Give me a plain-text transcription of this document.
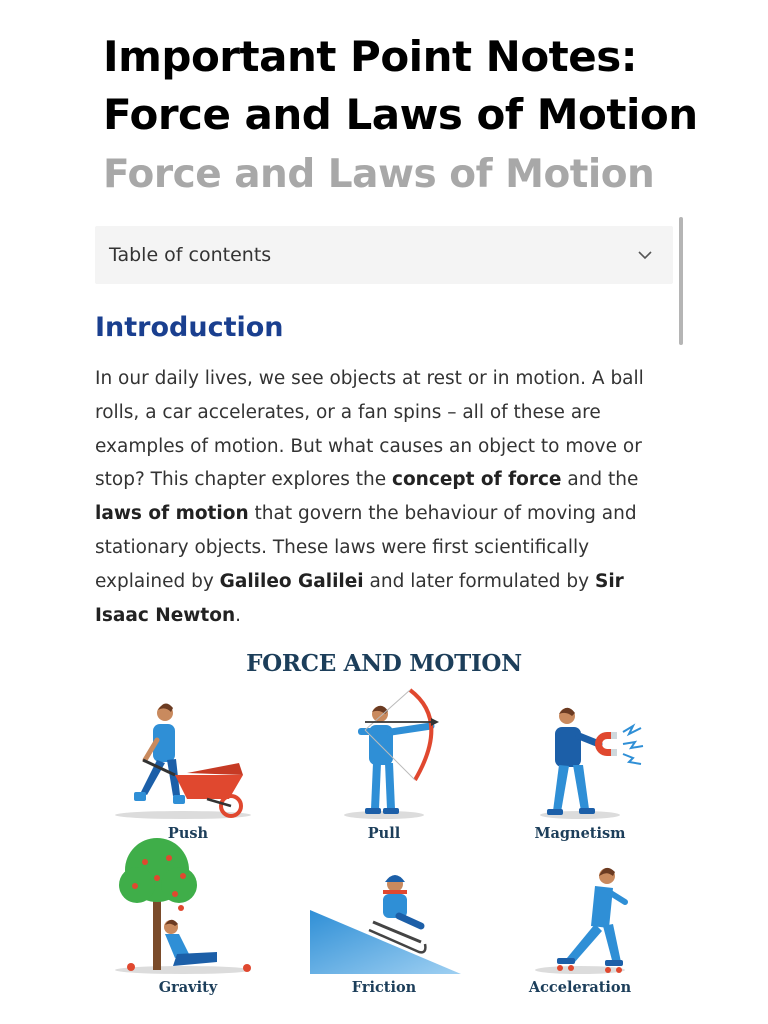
Important Point Notes:
Force and Laws of Motion
Force and Laws of Motion
Table of contents
Introduction

In our daily lives, we see objects at rest or in motion. A ball rolls, a car accelerates, or a fan spins – all of these are examples of motion. But what causes an object to move or stop? This chapter explores the concept of force and the laws of motion that govern the behaviour of moving and stationary objects. These laws were first scientifically explained by Galileo Galilei and later formulated by Sir Isaac Newton.

FORCE AND MOTION
Push	Pull	Magnetism
Gravity	Friction	Acceleration
